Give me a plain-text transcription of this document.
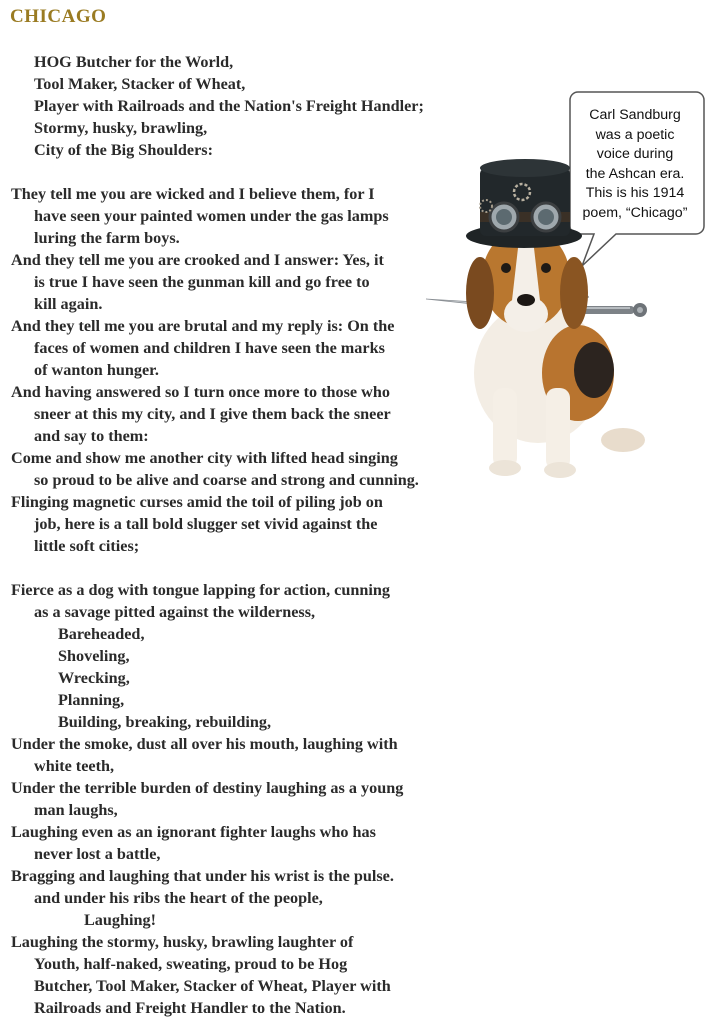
CHICAGO
HOG Butcher for the World,
Tool Maker, Stacker of Wheat,
Player with Railroads and the Nation's Freight Handler;
Stormy, husky, brawling,
City of the Big Shoulders:
They tell me you are wicked and I believe them, for I
have seen your painted women under the gas lamps
luring the farm boys.
And they tell me you are crooked and I answer: Yes, it
is true I have seen the gunman kill and go free to
kill again.
And they tell me you are brutal and my reply is: On the
faces of women and children I have seen the marks
of wanton hunger.
And having answered so I turn once more to those who
sneer at this my city, and I give them back the sneer
and say to them:
Come and show me another city with lifted head singing
so proud to be alive and coarse and strong and cunning.
Flinging magnetic curses amid the toil of piling job on
job, here is a tall bold slugger set vivid against the
little soft cities;
Fierce as a dog with tongue lapping for action, cunning
as a savage pitted against the wilderness,
Bareheaded,
Shoveling,
Wrecking,
Planning,
Building, breaking, rebuilding,
Under the smoke, dust all over his mouth, laughing with
white teeth,
Under the terrible burden of destiny laughing as a young
man laughs,
Laughing even as an ignorant fighter laughs who has
never lost a battle,
Bragging and laughing that under his wrist is the pulse.
and under his ribs the heart of the people,
Laughing!
Laughing the stormy, husky, brawling laughter of
Youth, half-naked, sweating, proud to be Hog
Butcher, Tool Maker, Stacker of Wheat, Player with
Railroads and Freight Handler to the Nation.
Carl Sandburg
was a poetic
voice during
the Ashcan era.
This is his 1914
poem, “Chicago”
